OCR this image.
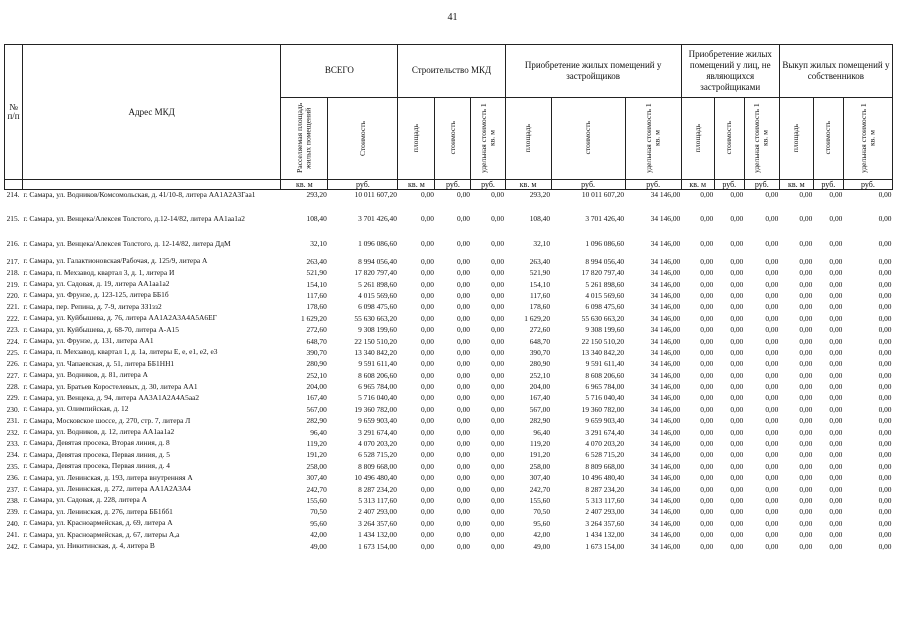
41
№ п/п	Адрес МКД	ВСЕГО		Строительство МКД			Приобретение жилых помещений у застройщиков			Приобретение жилых помещений у лиц, не являющихся застройщиками			Выкуп жилых помещений у собственников		
		Расселяемая площадь жилых помещений	Стоимость	площадь	стоимость	удельная стоимость 1 кв. м	площадь	стоимость	удельная стоимость 1 кв. м	площадь	стоимость	удельная стоимость 1 кв. м	площадь	стоимость	удельная стоимость 1 кв. м
		кв. м	руб.	кв. м	руб.	руб.	кв. м	руб.	руб.	кв. м	руб.	руб.	кв. м	руб.	руб.
214.	г. Самара, ул. Водников/Комсомольская, д. 41/10-8, литера АА1А2А3Гаа1	293,20	10 011 607,20	0,00	0,00	0,00	293,20	10 011 607,20	34 146,00	0,00	0,00	0,00	0,00	0,00	0,00
215.	г. Самара, ул. Венцека/Алексея Толстого, д.12-14/82, литера АА1аа1а2	108,40	3 701 426,40	0,00	0,00	0,00	108,40	3 701 426,40	34 146,00	0,00	0,00	0,00	0,00	0,00	0,00
216.	г. Самара, ул. Венцека/Алексея Толстого, д. 12-14/82, литера ДдМ	32,10	1 096 086,60	0,00	0,00	0,00	32,10	1 096 086,60	34 146,00	0,00	0,00	0,00	0,00	0,00	0,00

217.	г. Самара, ул. Галактионовская/Рабочая, д. 125/9, литера А	263,40	8 994 056,40	0,00	0,00	0,00	263,40	8 994 056,40	34 146,00	0,00	0,00	0,00	0,00	0,00	0,00
218.	г. Самара, п. Мехзавод, квартал 3, д. 1, литера И	521,90	17 820 797,40	0,00	0,00	0,00	521,90	17 820 797,40	34 146,00	0,00	0,00	0,00	0,00	0,00	0,00
219.	г. Самара, ул. Садовая, д. 19, литера АА1аа1а2	154,10	5 261 898,60	0,00	0,00	0,00	154,10	5 261 898,60	34 146,00	0,00	0,00	0,00	0,00	0,00	0,00
220.	г. Самара, ул. Фрунзе, д. 123-125, литера ББ1б	117,60	4 015 569,60	0,00	0,00	0,00	117,60	4 015 569,60	34 146,00	0,00	0,00	0,00	0,00	0,00	0,00
221.	г. Самара, пер. Репина, д. 7-9, литера ЗЗ1зз2	178,60	6 098 475,60	0,00	0,00	0,00	178,60	6 098 475,60	34 146,00	0,00	0,00	0,00	0,00	0,00	0,00
222.	г. Самара, ул. Куйбышева, д. 76, литера АА1А2А3А4А5А6ЕГ	1 629,20	55 630 663,20	0,00	0,00	0,00	1 629,20	55 630 663,20	34 146,00	0,00	0,00	0,00	0,00	0,00	0,00
223.	г. Самара, ул. Куйбышева, д. 68-70, литера А-А15	272,60	9 308 199,60	0,00	0,00	0,00	272,60	9 308 199,60	34 146,00	0,00	0,00	0,00	0,00	0,00	0,00
224.	г. Самара, ул. Фрунзе, д. 131, литера АА1	648,70	22 150 510,20	0,00	0,00	0,00	648,70	22 150 510,20	34 146,00	0,00	0,00	0,00	0,00	0,00	0,00
225.	г. Самара, п. Мехзавод, квартал 1, д. 1а, литеры Е, е, е1, е2, е3	390,70	13 340 842,20	0,00	0,00	0,00	390,70	13 340 842,20	34 146,00	0,00	0,00	0,00	0,00	0,00	0,00
226.	г. Самара, ул. Чапаевская, д. 51, литера ББ1НН1	280,90	9 591 611,40	0,00	0,00	0,00	280,90	9 591 611,40	34 146,00	0,00	0,00	0,00	0,00	0,00	0,00
227.	г. Самара, ул. Водников, д. 81, литера А	252,10	8 608 206,60	0,00	0,00	0,00	252,10	8 608 206,60	34 146,00	0,00	0,00	0,00	0,00	0,00	0,00
228.	г. Самара, ул. Братьев Коростелевых, д. 30, литера АА1	204,00	6 965 784,00	0,00	0,00	0,00	204,00	6 965 784,00	34 146,00	0,00	0,00	0,00	0,00	0,00	0,00
229.	г. Самара, ул. Венцека, д. 94, литера АА3А1А2А4А5аа2	167,40	5 716 040,40	0,00	0,00	0,00	167,40	5 716 040,40	34 146,00	0,00	0,00	0,00	0,00	0,00	0,00
230.	г. Самара, ул. Олимпийская, д. 12	567,00	19 360 782,00	0,00	0,00	0,00	567,00	19 360 782,00	34 146,00	0,00	0,00	0,00	0,00	0,00	0,00
231.	г. Самара, Московское шоссе, д. 270, стр. 7, литера Л	282,90	9 659 903,40	0,00	0,00	0,00	282,90	9 659 903,40	34 146,00	0,00	0,00	0,00	0,00	0,00	0,00
232.	г. Самара, ул. Водников, д. 12, литера АА1аа1а2	96,40	3 291 674,40	0,00	0,00	0,00	96,40	3 291 674,40	34 146,00	0,00	0,00	0,00	0,00	0,00	0,00
233.	г. Самара, Девятая просека, Вторая линия, д. 8	119,20	4 070 203,20	0,00	0,00	0,00	119,20	4 070 203,20	34 146,00	0,00	0,00	0,00	0,00	0,00	0,00
234.	г. Самара, Девятая просека, Первая линия, д. 5	191,20	6 528 715,20	0,00	0,00	0,00	191,20	6 528 715,20	34 146,00	0,00	0,00	0,00	0,00	0,00	0,00
235.	г. Самара, Девятая просека, Первая линия, д. 4	258,00	8 809 668,00	0,00	0,00	0,00	258,00	8 809 668,00	34 146,00	0,00	0,00	0,00	0,00	0,00	0,00
236.	г. Самара, ул. Ленинская, д. 193, литера внутренняя А	307,40	10 496 480,40	0,00	0,00	0,00	307,40	10 496 480,40	34 146,00	0,00	0,00	0,00	0,00	0,00	0,00
237.	г. Самара, ул. Ленинская, д. 272, литера АА1А2А3А4	242,70	8 287 234,20	0,00	0,00	0,00	242,70	8 287 234,20	34 146,00	0,00	0,00	0,00	0,00	0,00	0,00
238.	г. Самара, ул. Садовая, д. 228, литера А	155,60	5 313 117,60	0,00	0,00	0,00	155,60	5 313 117,60	34 146,00	0,00	0,00	0,00	0,00	0,00	0,00
239.	г. Самара, ул. Ленинская, д. 276, литера ББ1бб1	70,50	2 407 293,00	0,00	0,00	0,00	70,50	2 407 293,00	34 146,00	0,00	0,00	0,00	0,00	0,00	0,00
240.	г. Самара, ул. Красноармейская, д. 69, литера А	95,60	3 264 357,60	0,00	0,00	0,00	95,60	3 264 357,60	34 146,00	0,00	0,00	0,00	0,00	0,00	0,00
241.	г. Самара, ул. Красноармейская, д. 67, литеры А,а	42,00	1 434 132,00	0,00	0,00	0,00	42,00	1 434 132,00	34 146,00	0,00	0,00	0,00	0,00	0,00	0,00
242.	г. Самара, ул. Никитинская, д. 4, литера В	49,00	1 673 154,00	0,00	0,00	0,00	49,00	1 673 154,00	34 146,00	0,00	0,00	0,00	0,00	0,00	0,00
